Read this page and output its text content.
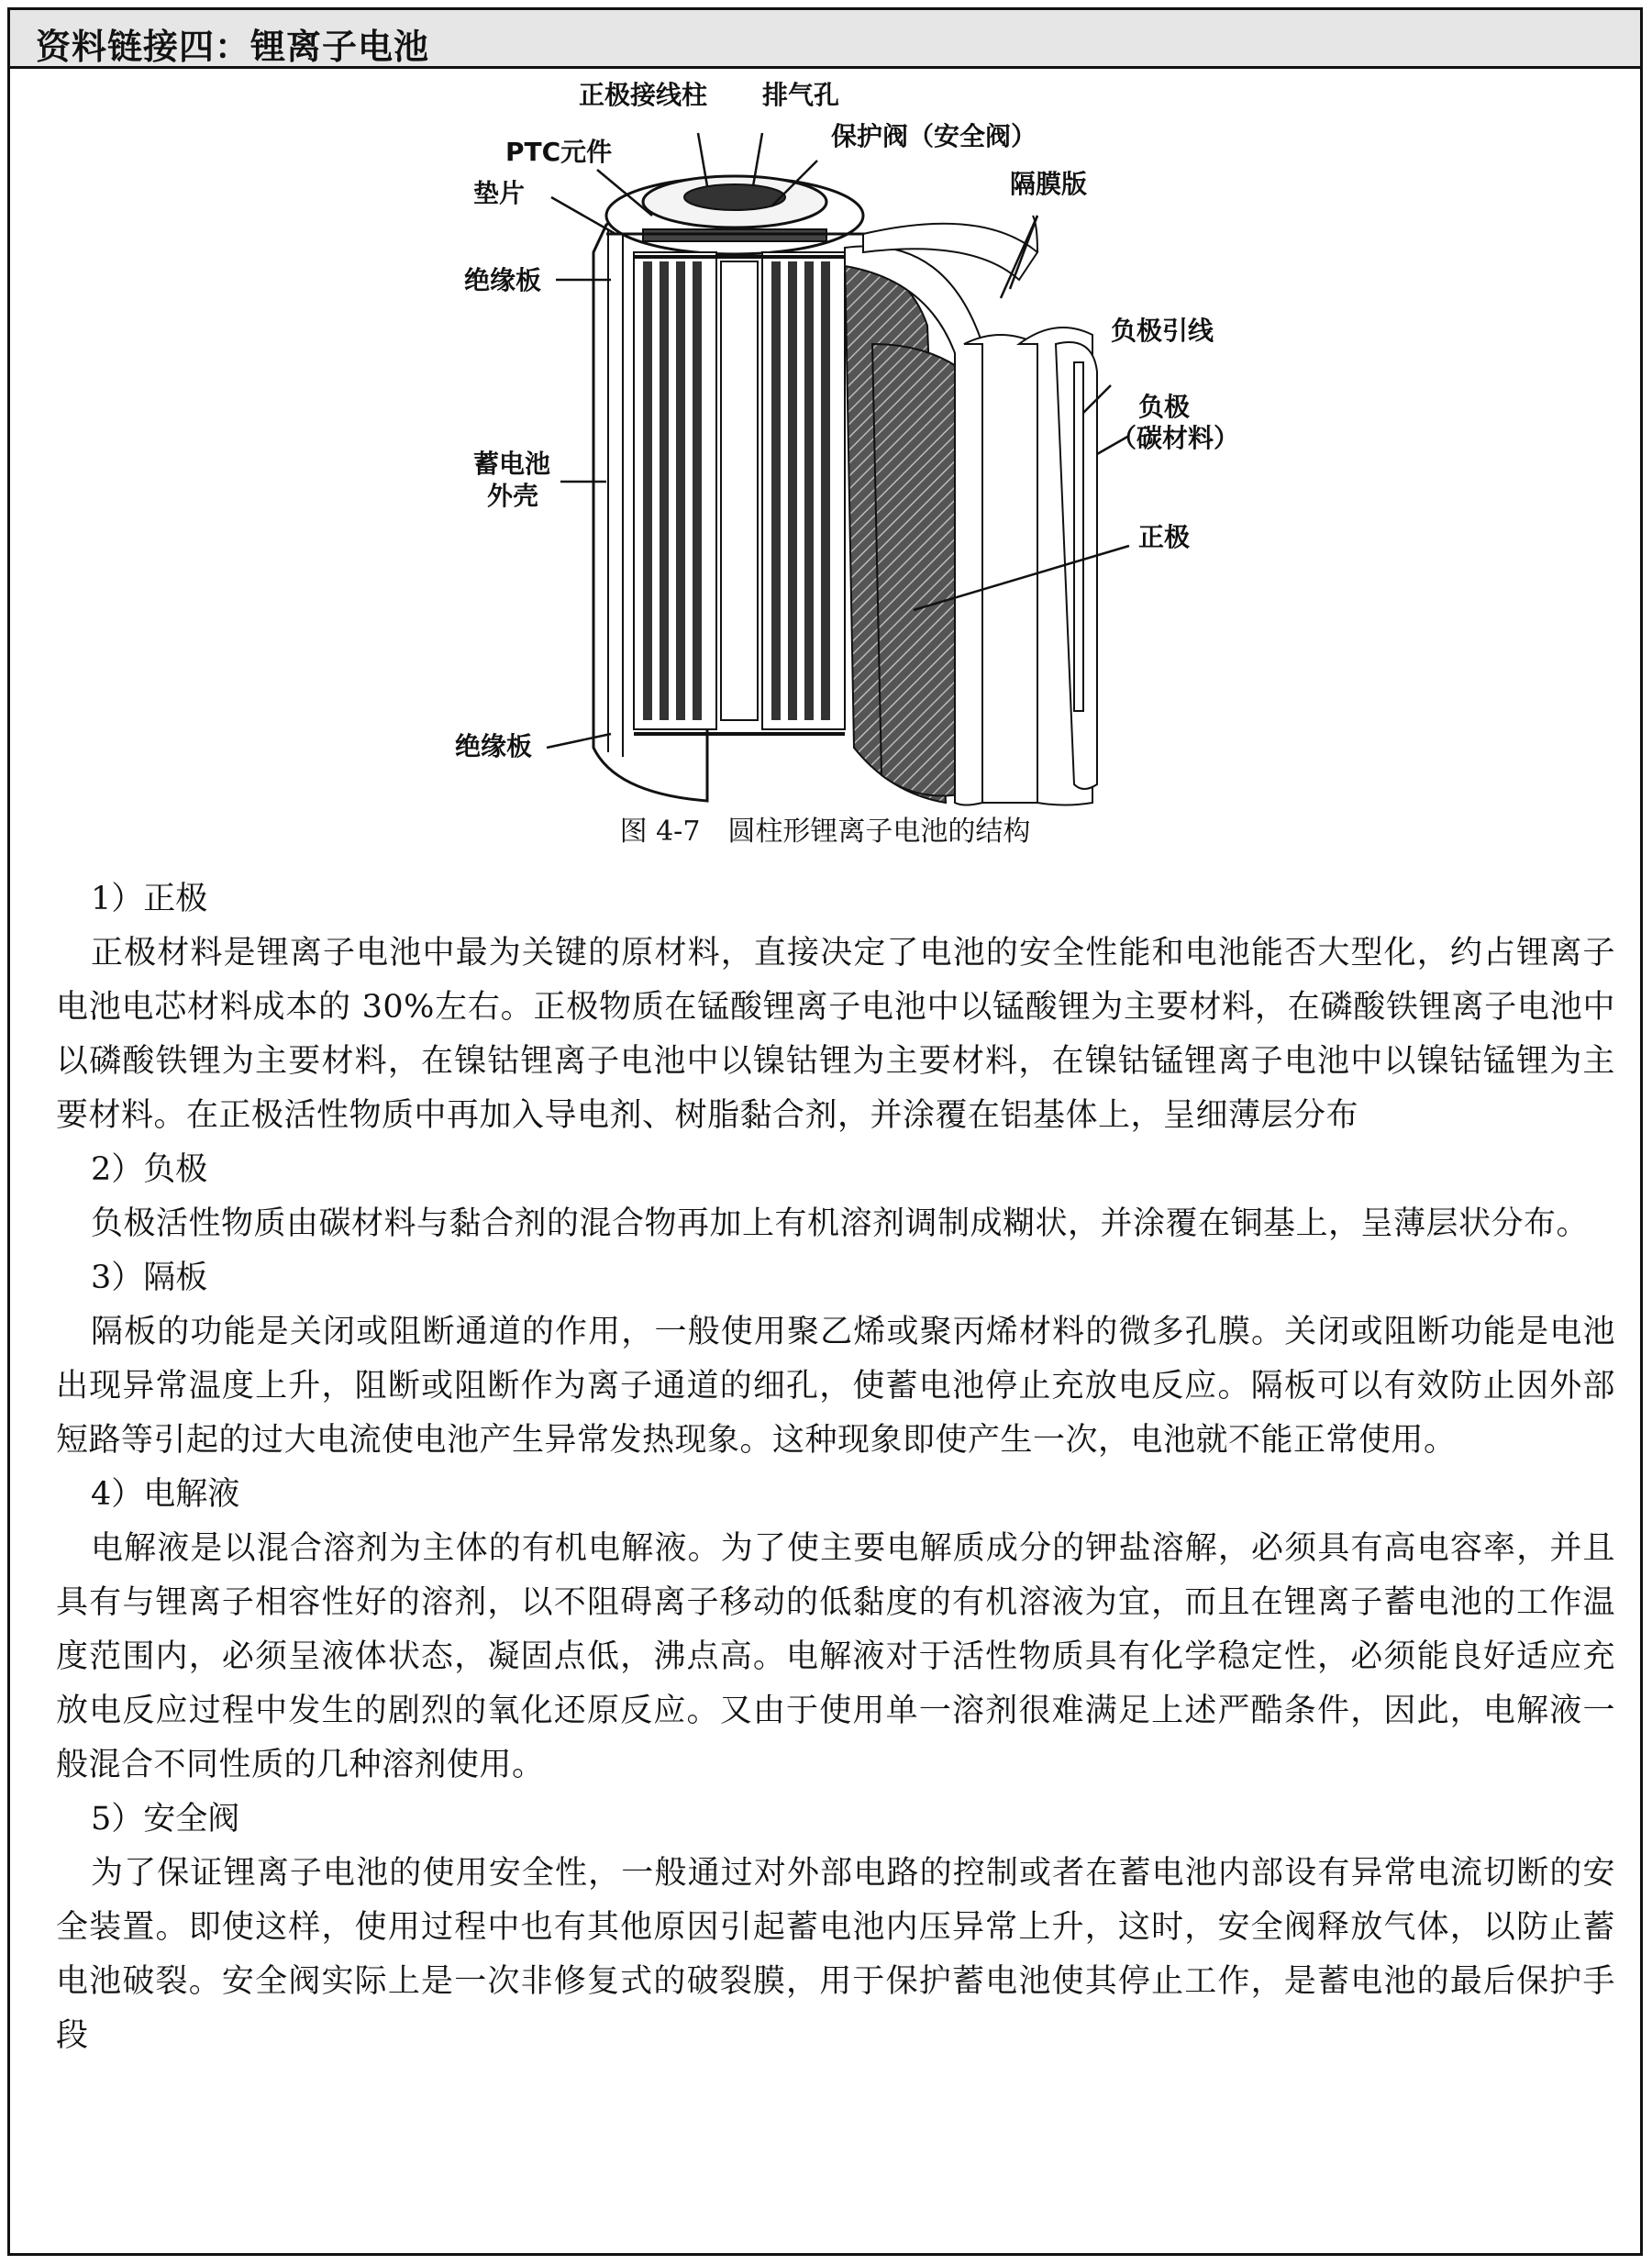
资料链接四：锂离子电池
正极接线柱 排气孔
保护阀（安全阀）
PTC元件
垫片	隔膜版
绝缘板
负极引线
负极
（碳材料）
蓄电池
外壳
正极
绝缘板
图 4-7　圆柱形锂离子电池的结构
1）正极

正极材料是锂离子电池中最为关键的原材料，直接决定了电池的安全性能和电池能否大型化，约占锂离子电池电芯材料成本的 30%左右。正极物质在锰酸锂离子电池中以锰酸锂为主要材料，在磷酸铁锂离子电池中以磷酸铁锂为主要材料，在镍钴锂离子电池中以镍钴锂为主要材料，在镍钴锰锂离子电池中以镍钴锰锂为主要材料。在正极活性物质中再加入导电剂、树脂黏合剂，并涂覆在铝基体上，呈细薄层分布

2）负极

负极活性物质由碳材料与黏合剂的混合物再加上有机溶剂调制成糊状，并涂覆在铜基上，呈薄层状分布。

3）隔板

隔板的功能是关闭或阻断通道的作用，一般使用聚乙烯或聚丙烯材料的微多孔膜。关闭或阻断功能是电池出现异常温度上升，阻断或阻断作为离子通道的细孔，使蓄电池停止充放电反应。隔板可以有效防止因外部短路等引起的过大电流使电池产生异常发热现象。这种现象即使产生一次，电池就不能正常使用。

4）电解液

电解液是以混合溶剂为主体的有机电解液。为了使主要电解质成分的钾盐溶解，必须具有高电容率，并且具有与锂离子相容性好的溶剂，以不阻碍离子移动的低黏度的有机溶液为宜，而且在锂离子蓄电池的工作温度范围内，必须呈液体状态，凝固点低，沸点高。电解液对于活性物质具有化学稳定性，必须能良好适应充放电反应过程中发生的剧烈的氧化还原反应。又由于使用单一溶剂很难满足上述严酷条件，因此，电解液一般混合不同性质的几种溶剂使用。

5）安全阀

为了保证锂离子电池的使用安全性，一般通过对外部电路的控制或者在蓄电池内部设有异常电流切断的安全装置。即使这样，使用过程中也有其他原因引起蓄电池内压异常上升，这时，安全阀释放气体，以防止蓄电池破裂。安全阀实际上是一次非修复式的破裂膜，用于保护蓄电池使其停止工作，是蓄电池的最后保护手段
